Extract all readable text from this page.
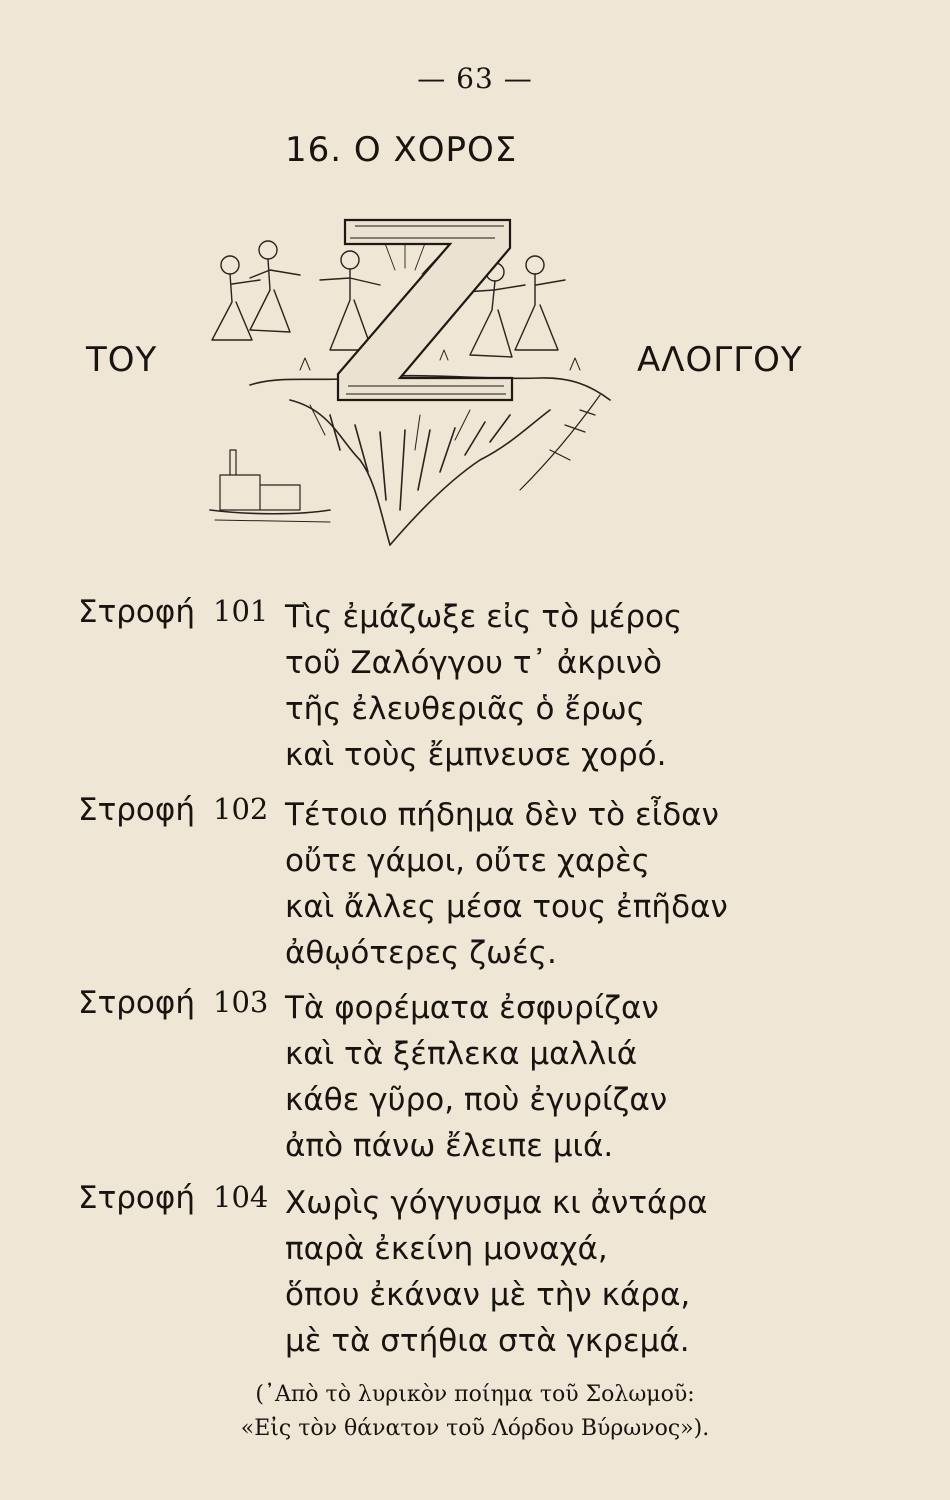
— 63 —
16. Ο ΧΟΡΟΣ
ΤΟΥ	ΑΛΟΓΓΟΥ
Στροφή 101 Τὶς ἐμάζωξε εἰς τὸ μέρος
τοῦ Ζαλόγγου τ᾽ ἀκρινὸ
τῆς ἐλευθεριᾶς ὁ ἔρως
καὶ τοὺς ἔμπνευσε χορό.
Στροφή 102 Τέτοιο πήδημα δὲν τὸ εἶδαν
οὔτε γάμοι, οὔτε χαρὲς
καὶ ἄλλες μέσα τους ἐπῆδαν
ἀθῳότερες ζωές.
Στροφή 103 Τὰ φορέματα ἐσφυρίζαν
καὶ τὰ ξέπλεκα μαλλιά
κάθε γῦρο, ποὺ ἐγυρίζαν
ἀπὸ πάνω ἔλειπε μιά.
Στροφή 104 Χωρὶς γόγγυσμα κι ἀντάρα
παρὰ ἐκείνη μοναχά,
ὅπου ἐκάναν μὲ τὴν κάρα,
μὲ τὰ στήθια στὰ γκρεμά.
(᾽Απὸ τὸ λυρικὸν ποίημα τοῦ Σολωμοῦ:
«Εἰς τὸν θάνατον τοῦ Λόρδου Βύρωνος»).
